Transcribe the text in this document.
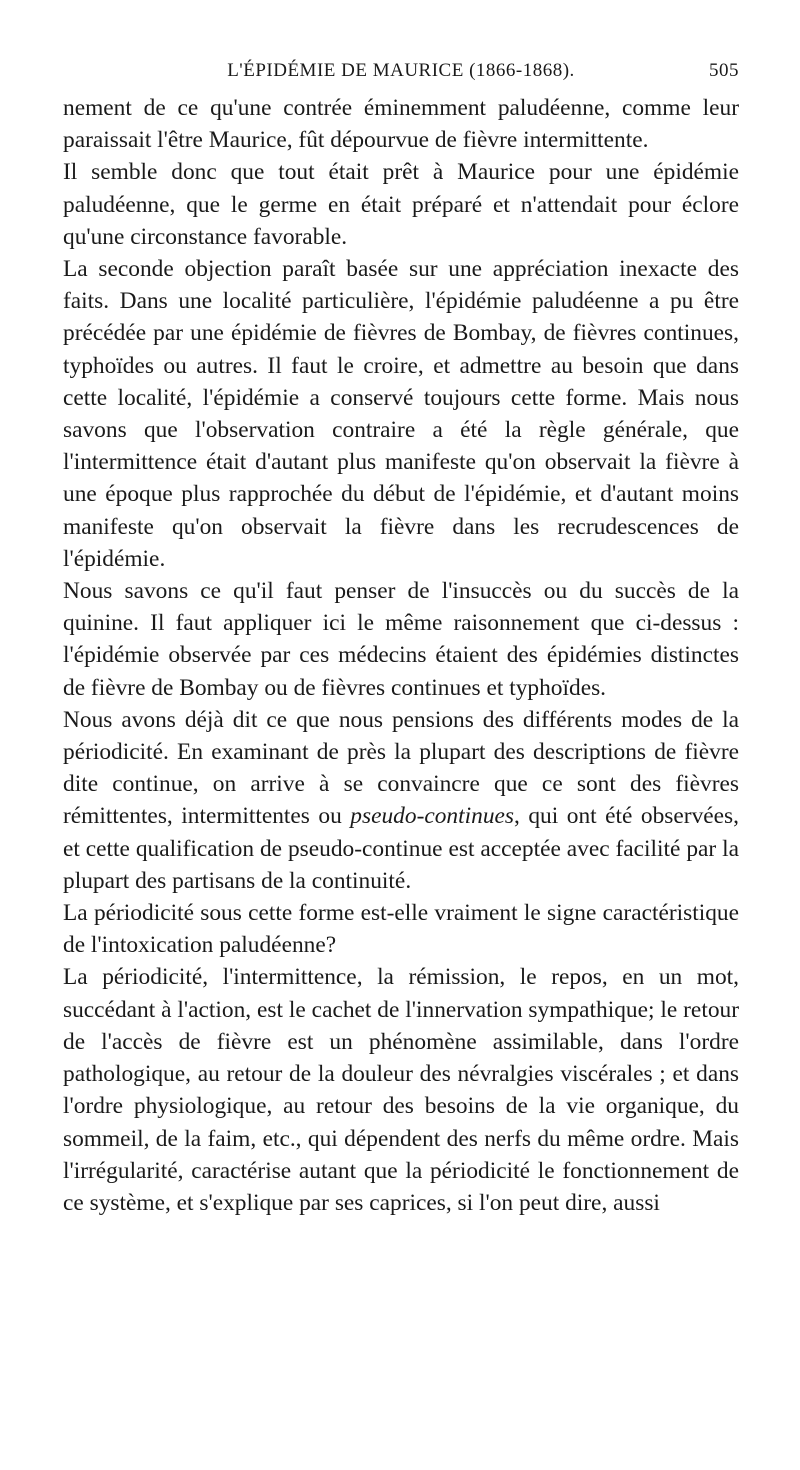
L'ÉPIDÉMIE DE MAURICE (1866-1868).	505

nement de ce qu'une contrée éminemment paludéenne, comme leur paraissait l'être Maurice, fût dépourvue de fièvre intermittente.

Il semble donc que tout était prêt à Maurice pour une épidémie paludéenne, que le germe en était préparé et n'attendait pour éclore qu'une circonstance favorable.

La seconde objection paraît basée sur une appréciation inexacte des faits. Dans une localité particulière, l'épidémie paludéenne a pu être précédée par une épidémie de fièvres de Bombay, de fièvres continues, typhoïdes ou autres. Il faut le croire, et admettre au besoin que dans cette localité, l'épidémie a conservé toujours cette forme. Mais nous savons que l'observation contraire a été la règle générale, que l'intermittence était d'autant plus manifeste qu'on observait la fièvre à une époque plus rapprochée du début de l'épidémie, et d'autant moins manifeste qu'on observait la fièvre dans les recrudescences de l'épidémie.

Nous savons ce qu'il faut penser de l'insuccès ou du succès de la quinine. Il faut appliquer ici le même raisonnement que ci-dessus : l'épidémie observée par ces médecins étaient des épidémies distinctes de fièvre de Bombay ou de fièvres continues et typhoïdes.

Nous avons déjà dit ce que nous pensions des différents modes de la périodicité. En examinant de près la plupart des descriptions de fièvre dite continue, on arrive à se convaincre que ce sont des fièvres rémittentes, intermittentes ou pseudo-continues, qui ont été observées, et cette qualification de pseudo-continue est acceptée avec facilité par la plupart des partisans de la continuité.

La périodicité sous cette forme est-elle vraiment le signe caractéristique de l'intoxication paludéenne?

La périodicité, l'intermittence, la rémission, le repos, en un mot, succédant à l'action, est le cachet de l'innervation sympathique; le retour de l'accès de fièvre est un phénomène assimilable, dans l'ordre pathologique, au retour de la douleur des névralgies viscérales ; et dans l'ordre physiologique, au retour des besoins de la vie organique, du sommeil, de la faim, etc., qui dépendent des nerfs du même ordre. Mais l'irrégularité, caractérise autant que la périodicité le fonctionnement de ce système, et s'explique par ses caprices, si l'on peut dire, aussi
